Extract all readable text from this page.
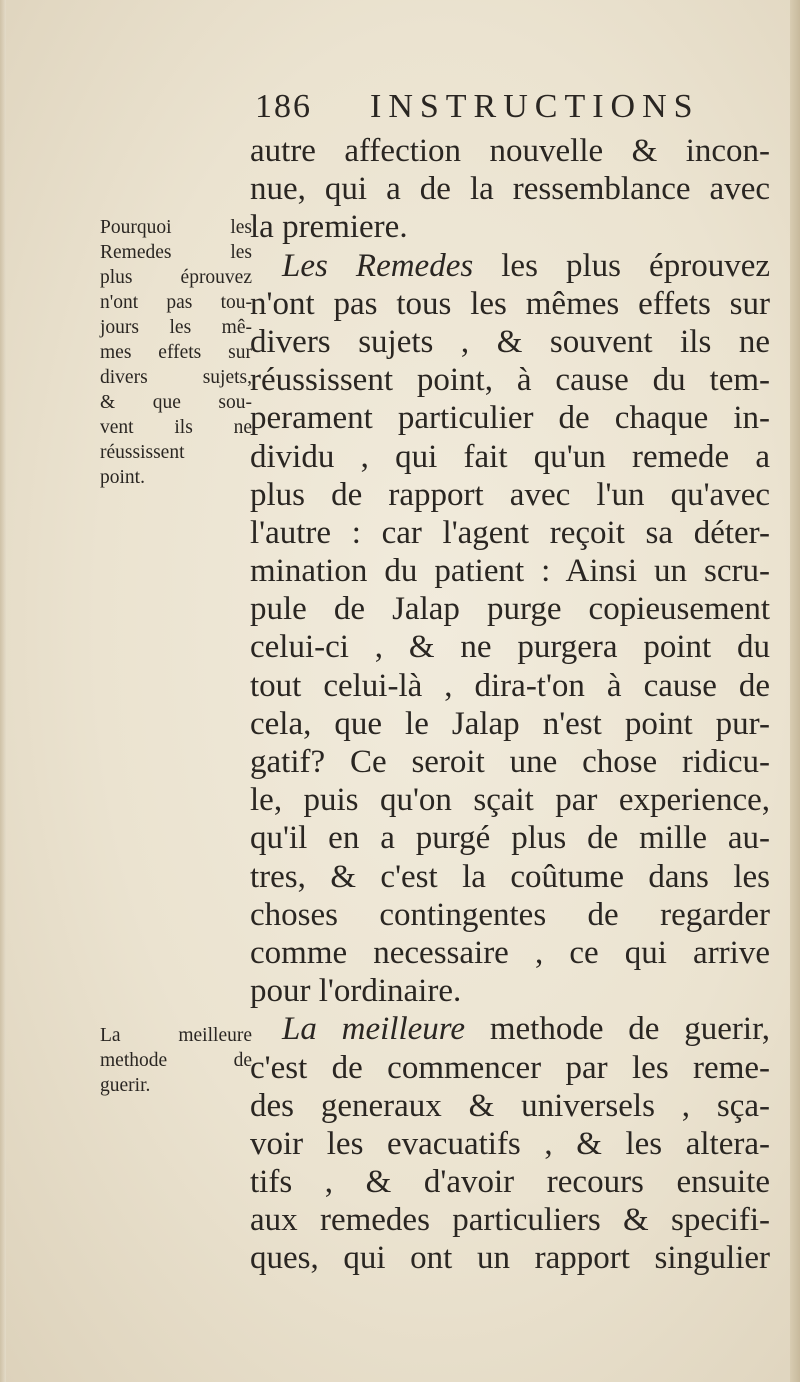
186 INSTRUCTIONS
Pourquoi les
Remedes les
plus éprouvez
n'ont pas tou-
jours les mê-
mes effets sur
divers sujets,
& que sou-
vent ils ne
réussissent
point.
La meilleure
methode de
guerir.
autre affection nouvelle & incon-
nue, qui a de la ressemblance avec
la premiere.
Les Remedes les plus éprouvez
n'ont pas tous les mêmes effets sur
divers sujets , & souvent ils ne
réussissent point, à cause du tem-
perament particulier de chaque in-
dividu , qui fait qu'un remede a
plus de rapport avec l'un qu'avec
l'autre : car l'agent reçoit sa déter-
mination du patient : Ainsi un scru-
pule de Jalap purge copieusement
celui-ci , & ne purgera point du
tout celui-là , dira-t'on à cause de
cela, que le Jalap n'est point pur-
gatif? Ce seroit une chose ridicu-
le, puis qu'on sçait par experience,
qu'il en a purgé plus de mille au-
tres, & c'est la coûtume dans les
choses contingentes de regarder
comme necessaire , ce qui arrive
pour l'ordinaire.
La meilleure methode de guerir,
c'est de commencer par les reme-
des generaux & universels , sça-
voir les evacuatifs , & les altera-
tifs , & d'avoir recours ensuite
aux remedes particuliers & specifi-
ques, qui ont un rapport singulier
